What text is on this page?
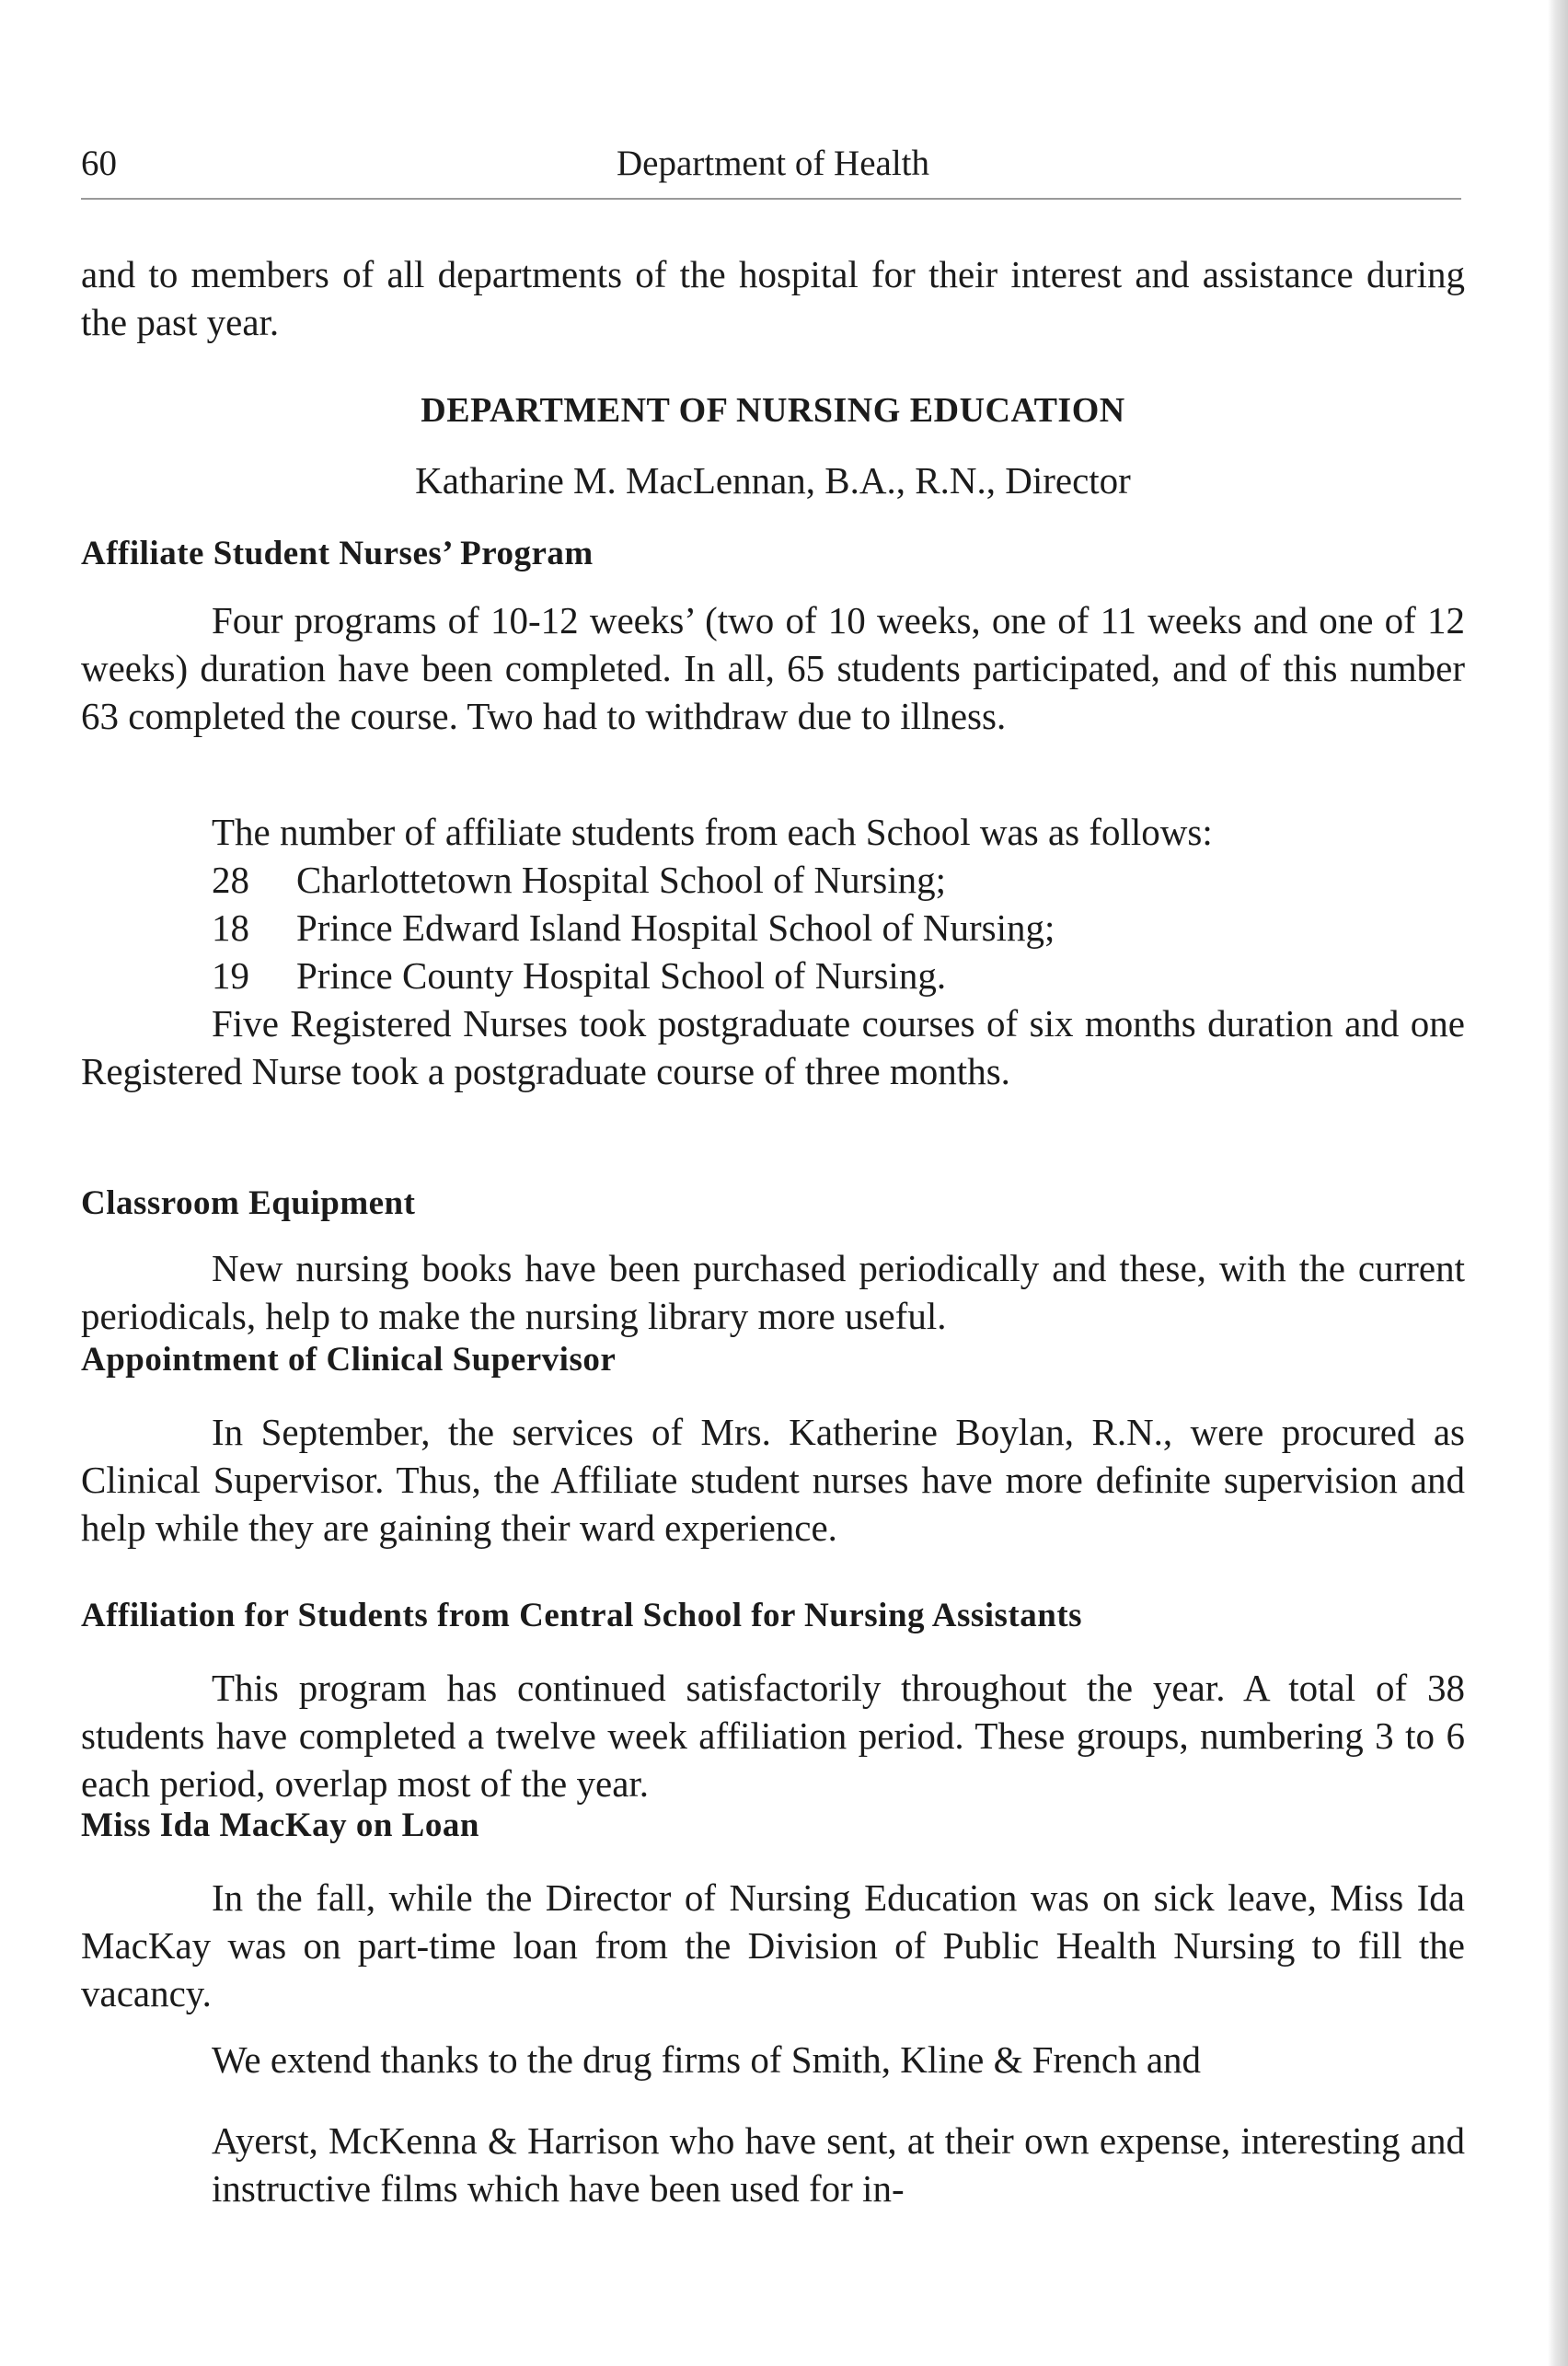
60	Department of Health

and to members of all departments of the hospital for their interest and assistance during the past year.

DEPARTMENT OF NURSING EDUCATION
Katharine M. MacLennan, B.A., R.N., Director
Affiliate Student Nurses’ Program

Four programs of 10-12 weeks’ (two of 10 weeks, one of 11 weeks and one of 12 weeks) duration have been completed. In all, 65 students participated, and of this number 63 completed the course. Two had to withdraw due to illness.

The number of affiliate students from each School was as follows:

28 Charlottetown Hospital School of Nursing;
18 Prince Edward Island Hospital School of Nursing;
19 Prince County Hospital School of Nursing.

Five Registered Nurses took postgraduate courses of six months duration and one Registered Nurse took a postgraduate course of three months.

Classroom Equipment

New nursing books have been purchased periodically and these, with the current periodicals, help to make the nursing library more useful.

Appointment of Clinical Supervisor

In September, the services of Mrs. Katherine Boylan, R.N., were procured as Clinical Supervisor. Thus, the Affiliate student nurses have more definite supervision and help while they are gaining their ward experience.

Affiliation for Students from Central School for Nursing Assistants

This program has continued satisfactorily throughout the year. A total of 38 students have completed a twelve week affiliation period. These groups, numbering 3 to 6 each period, overlap most of the year.

Miss Ida MacKay on Loan

In the fall, while the Director of Nursing Education was on sick leave, Miss Ida MacKay was on part-time loan from the Division of Public Health Nursing to fill the vacancy.

We extend thanks to the drug firms of Smith, Kline & French and

Ayerst, McKenna & Harrison who have sent, at their own expense, interesting and instructive films which have been used for in-
